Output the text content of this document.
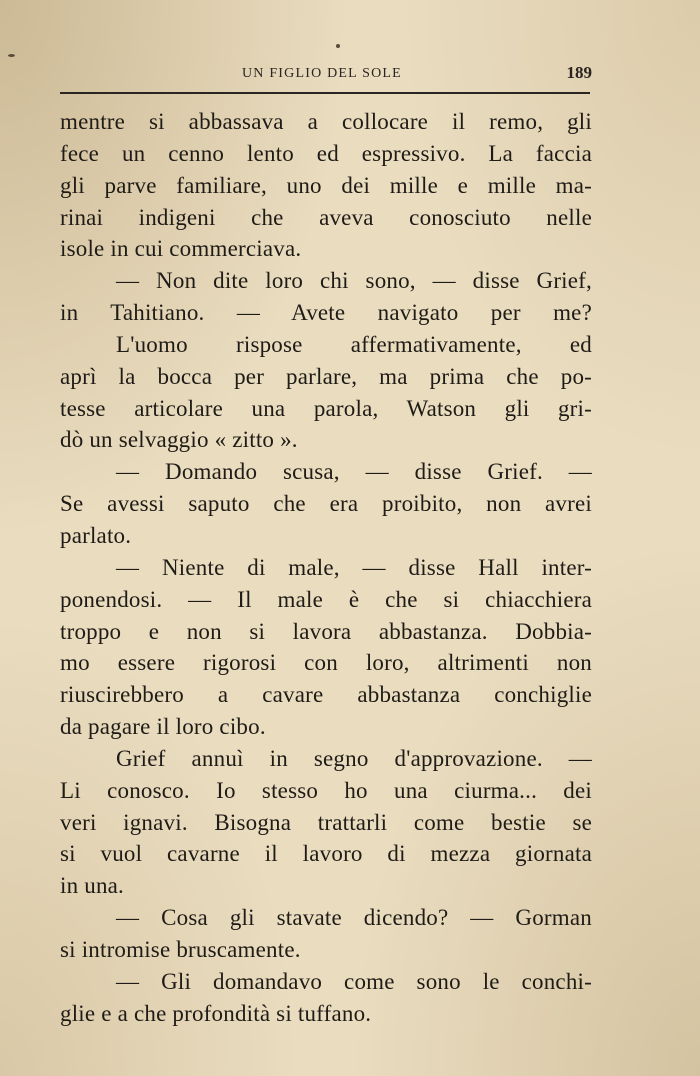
UN FIGLIO DEL SOLE	189
mentre si abbassava a collocare il remo, gli
fece un cenno lento ed espressivo. La faccia
gli parve familiare, uno dei mille e mille ma-
rinai indigeni che aveva conosciuto nelle
isole in cui commerciava.
— Non dite loro chi sono, — disse Grief,
in Tahitiano. — Avete navigato per me?
L'uomo rispose affermativamente, ed
aprì la bocca per parlare, ma prima che po-
tesse articolare una parola, Watson gli gri-
dò un selvaggio « zitto ».
— Domando scusa, — disse Grief. —
Se avessi saputo che era proibito, non avrei
parlato.
— Niente di male, — disse Hall inter-
ponendosi. — Il male è che si chiacchiera
troppo e non si lavora abbastanza. Dobbia-
mo essere rigorosi con loro, altrimenti non
riuscirebbero a cavare abbastanza conchiglie
da pagare il loro cibo.
Grief annuì in segno d'approvazione. —
Li conosco. Io stesso ho una ciurma... dei
veri ignavi. Bisogna trattarli come bestie se
si vuol cavarne il lavoro di mezza giornata
in una.
— Cosa gli stavate dicendo? — Gorman
si intromise bruscamente.
— Gli domandavo come sono le conchi-
glie e a che profondità si tuffano.
